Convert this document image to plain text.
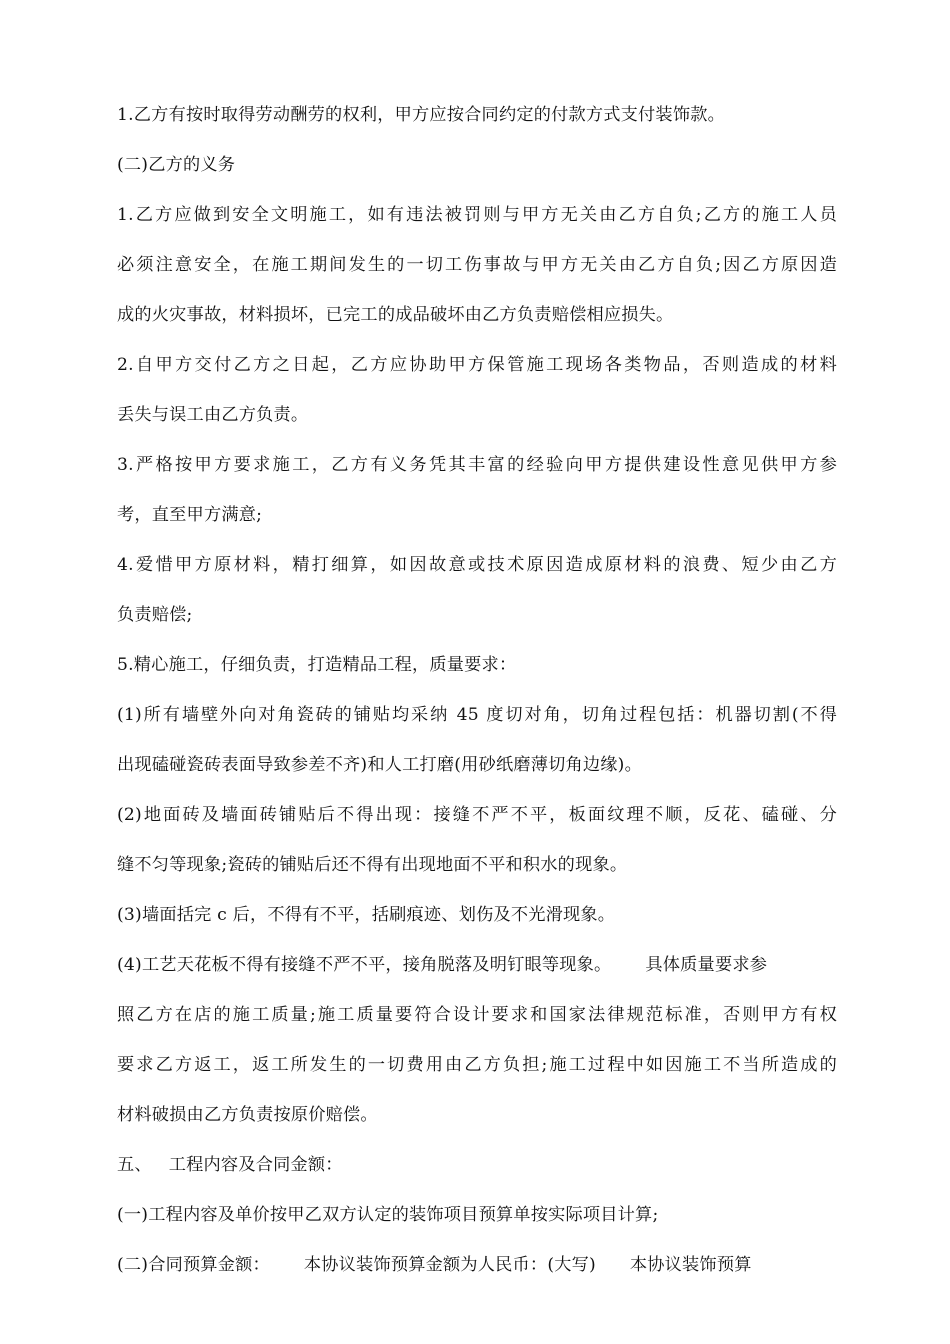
1.乙方有按时取得劳动酬劳的权利，甲方应按合同约定的付款方式支付装饰款。
(二)乙方的义务
1.乙方应做到安全文明施工，如有违法被罚则与甲方无关由乙方自负;乙方的施工人员
必须注意安全，在施工期间发生的一切工伤事故与甲方无关由乙方自负;因乙方原因造
成的火灾事故，材料损坏，已完工的成品破坏由乙方负责赔偿相应损失。
2.自甲方交付乙方之日起，乙方应协助甲方保管施工现场各类物品，否则造成的材料
丢失与误工由乙方负责。
3.严格按甲方要求施工，乙方有义务凭其丰富的经验向甲方提供建设性意见供甲方参
考，直至甲方满意;
4.爱惜甲方原材料，精打细算，如因故意或技术原因造成原材料的浪费、短少由乙方
负责赔偿;
5.精心施工，仔细负责，打造精品工程，质量要求：
(1)所有墙壁外向对角瓷砖的铺贴均采纳 45 度切对角，切角过程包括：机器切割(不得
出现磕碰瓷砖表面导致参差不齐)和人工打磨(用砂纸磨薄切角边缘)。
(2)地面砖及墙面砖铺贴后不得出现：接缝不严不平，板面纹理不顺，反花、磕碰、分
缝不匀等现象;瓷砖的铺贴后还不得有出现地面不平和积水的现象。
(3)墙面括完 c 后，不得有不平，括刷痕迹、划伤及不光滑现象。
(4)工艺天花板不得有接缝不严不平，接角脱落及明钉眼等现象。      具体质量要求参
照乙方在店的施工质量;施工质量要符合设计要求和国家法律规范标准，否则甲方有权
要求乙方返工，返工所发生的一切费用由乙方负担;施工过程中如因施工不当所造成的
材料破损由乙方负责按原价赔偿。
五、   工程内容及合同金额：
(一)工程内容及单价按甲乙双方认定的装饰项目预算单按实际项目计算;
(二)合同预算金额：      本协议装饰预算金额为人民币：(大写)      本协议装饰预算
